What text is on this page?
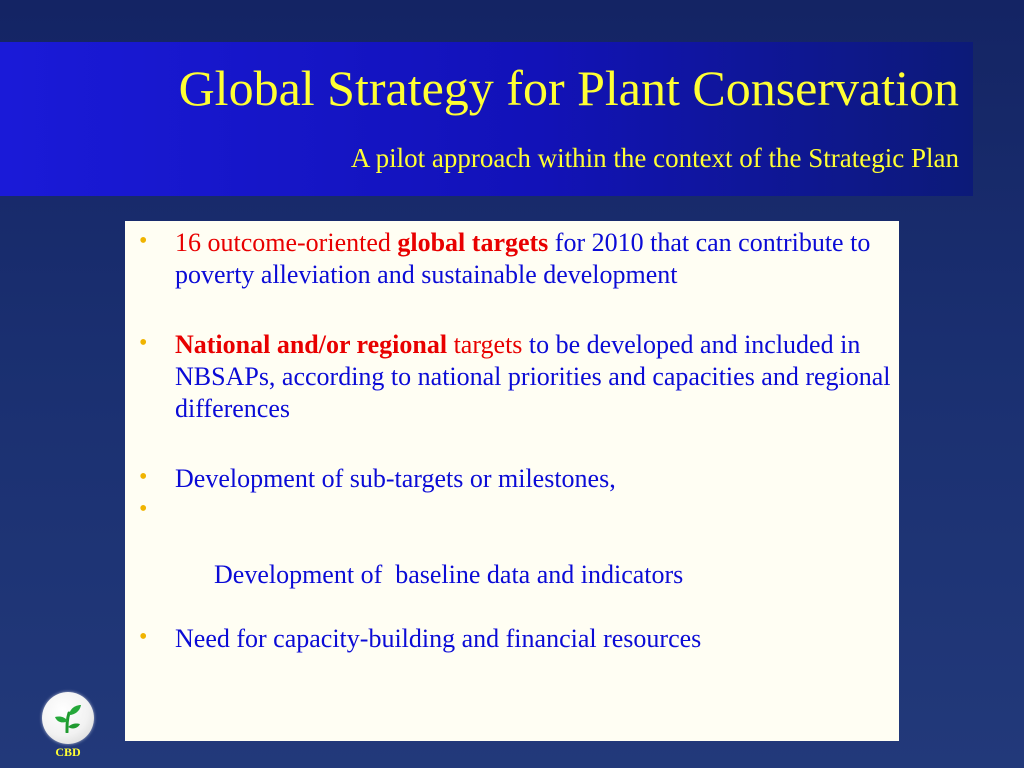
Global Strategy for Plant Conservation

A pilot approach within the context of the Strategic Plan

• 16 outcome-oriented global targets for 2010 that can contribute to poverty alleviation and sustainable development
• National and/or regional targets to be developed and included in NBSAPs, according to national priorities and capacities and regional differences
• Development of sub-targets or milestones,

•

Development of  baseline data and indicators

• Need for capacity-building and financial resources
CBD
